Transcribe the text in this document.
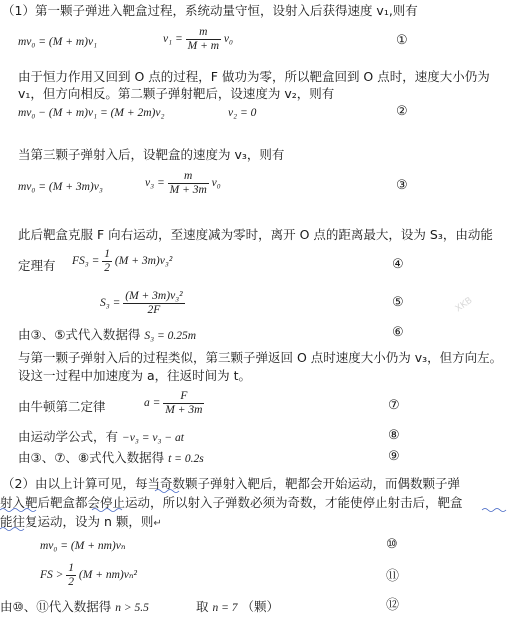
（1）第一颗子弹进入靶盒过程，系统动量守恒，设射入后获得速度 v₁,则有
mv₀ = (M + m)v₁	$v_1 = \frac{m}{M + m} v_0$	①
由于恒力作用又回到 O 点的过程，F 做功为零，所以靶盒回到 O 点时，速度大小仍为
v₁，但方向相反。第二颗子弹射靶后，设速度为 v₂，则有
mv₀ − (M + m)v₁ = (M + 2m)v₂	v₂ = 0	②
当第三颗子弹射入后，设靶盒的速度为 v₃，则有
mv₀ = (M + 3m)v₃	$v_3 = \frac{m}{M + 3m} v_0$	③
此后靶盒克服 F 向右运动，至速度减为零时，离开 O 点的距离最大，设为 S₃，由动能
定理有 $FS_3 = \frac{1}{2} (M + 3m)v_3^2$	④
$S_3 = \frac{\text{(M + 3m)v₃²}}{2F}$	⑤
由③、⑤式代入数据得 S₃ = 0.25m	⑥
与第一颗子弹射入后的过程类似，第三颗子弹返回 O 点时速度大小仍为 v₃，但方向左。
设这一过程中加速度为 a，往返时间为 t。
由牛顿第二定律	$a = \frac{F}{M + 3m}$	⑦
由运动学公式，有 −v₃ = v₃ − at	⑧
由③、⑦、⑧式代入数据得 t = 0.2s	⑨
（2）由以上计算可见，每当奇数颗子弹射入靶后，靶都会开始运动，而偶数颗子弹
射入靶后靶盒都会停止运动，所以射入子弹数必须为奇数，才能使停止射击后，靶盒
能往复运动，设为 n 颗，则↵
mv₀ = (M + nm)vₙ	⑩
FS > $\frac{1}{2} (M + nm)v_n^2$	⑪
由⑩、⑪代入数据得 n > 5.5	取 n = 7 （颗）	⑫
XKB
